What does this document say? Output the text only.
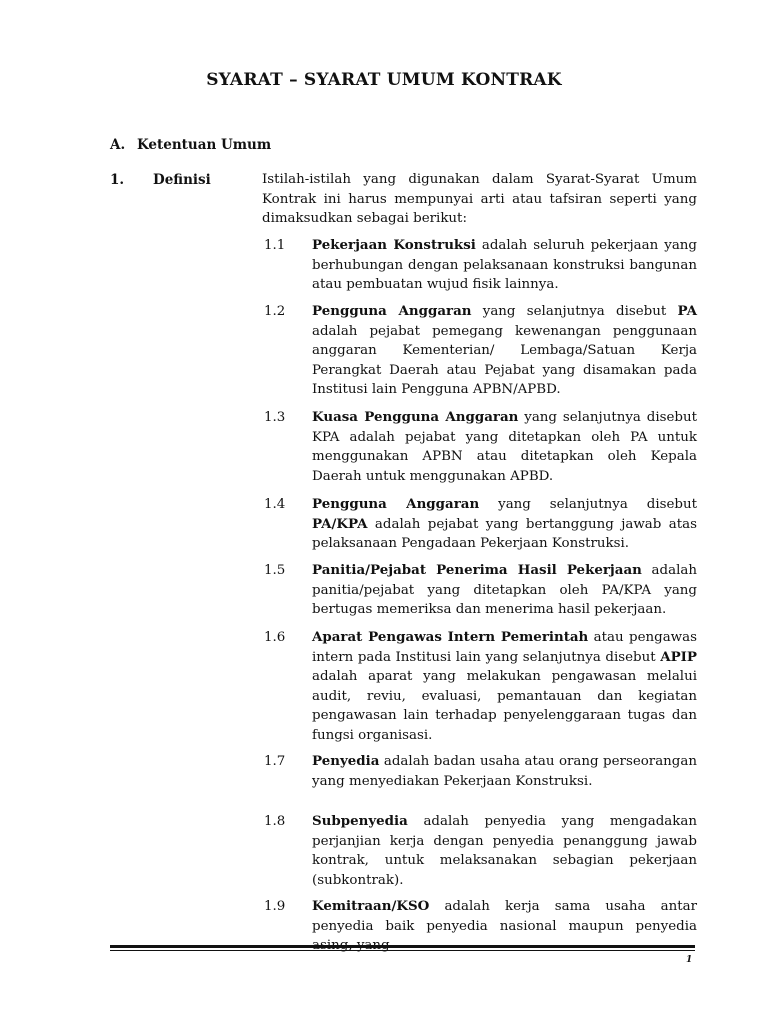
SYARAT – SYARAT UMUM KONTRAK
A. Ketentuan Umum
1. Definisi	Istilah-istilah yang digunakan dalam Syarat-Syarat Umum Kontrak ini harus mempunyai arti atau tafsiran seperti yang dimaksudkan sebagai berikut:
1.1 Pekerjaan Konstruksi adalah seluruh pekerjaan yang berhubungan dengan pelaksanaan konstruksi bangunan atau pembuatan wujud fisik lainnya.
1.2 Pengguna Anggaran yang selanjutnya disebut PA adalah pejabat pemegang kewenangan penggunaan anggaran Kementerian/ Lembaga/Satuan Kerja Perangkat Daerah atau Pejabat yang disamakan pada Institusi lain Pengguna APBN/APBD.
1.3 Kuasa Pengguna Anggaran yang selanjutnya disebut KPA adalah pejabat yang ditetapkan oleh PA untuk menggunakan APBN atau ditetapkan oleh Kepala Daerah untuk menggunakan APBD.
1.4 Pengguna Anggaran yang selanjutnya disebut PA/KPA adalah pejabat yang bertanggung jawab atas pelaksanaan Pengadaan Pekerjaan Konstruksi.
1.5 Panitia/Pejabat Penerima Hasil Pekerjaan adalah panitia/pejabat yang ditetapkan oleh PA/KPA yang bertugas memeriksa dan menerima hasil pekerjaan.
1.6 Aparat Pengawas Intern Pemerintah atau pengawas intern pada Institusi lain yang selanjutnya disebut APIP adalah aparat yang melakukan pengawasan melalui audit, reviu, evaluasi, pemantauan dan kegiatan pengawasan lain terhadap penyelenggaraan tugas dan fungsi organisasi.
1.7 Penyedia adalah badan usaha atau orang perseorangan yang menyediakan Pekerjaan Konstruksi.
1.8 Subpenyedia adalah penyedia yang mengadakan perjanjian kerja dengan penyedia penanggung jawab kontrak, untuk melaksanakan sebagian pekerjaan (subkontrak).
1.9 Kemitraan/KSO adalah kerja sama usaha antar penyedia baik penyedia nasional maupun penyedia
1
